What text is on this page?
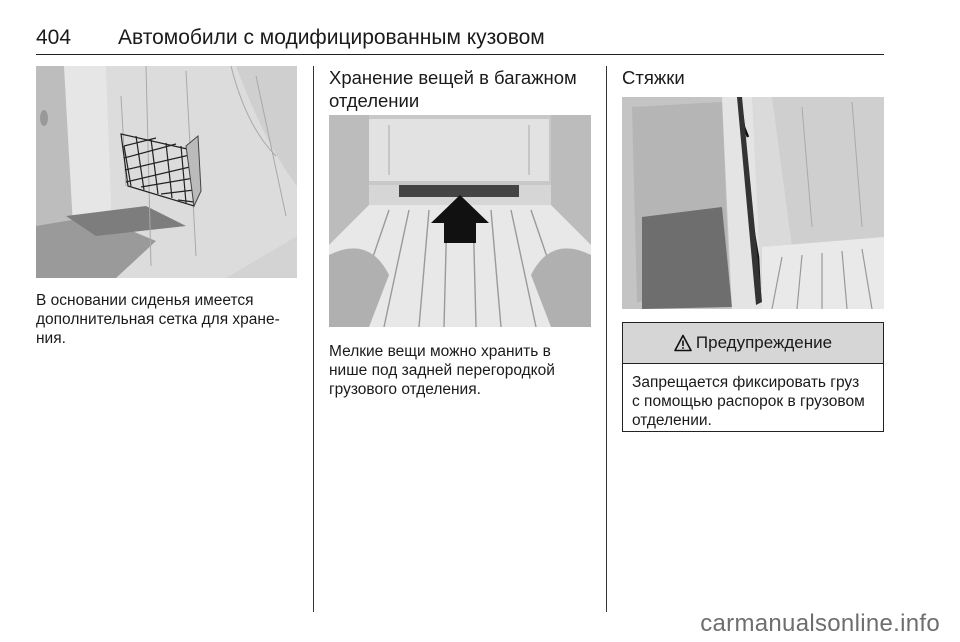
404 Автомобили с модифицированным кузовом

В основании сиденья имеется
дополнительная сетка для хране-
ния.

Хранение вещей в багажном
отделении

Мелкие вещи можно хранить в
нише под задней перегородкой
грузового отделения.

Стяжки
Предупреждение

Запрещается фиксировать груз
с помощью распорок в грузовом
отделении.

carmanualsonline.info
